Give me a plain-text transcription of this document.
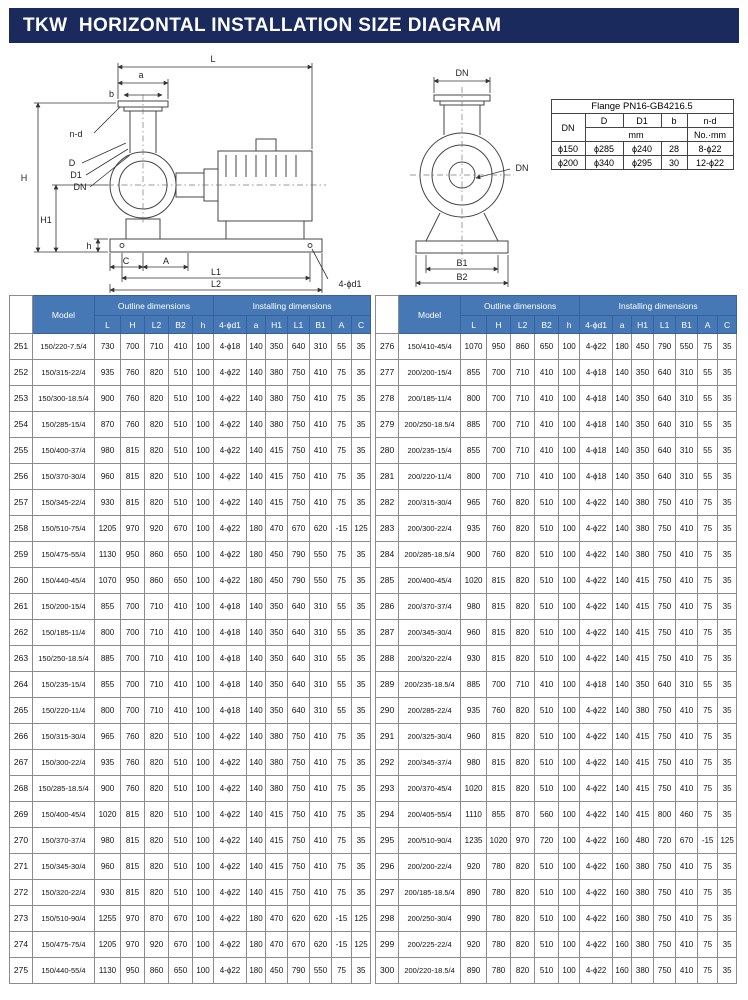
TKW  HORIZONTAL INSTALLATION SIZE DIAGRAM
L
a
b
n-d
H
D
D1
DN
H1
h
C	A
L1
L2	4-ϕd1
DN
DN
B1
B2
Flange PN16-GB4216.5				
DN	D	D1	b	n-d
	mm			No.·mm
ϕ150	ϕ285	ϕ240	28	8-ϕ22
ϕ200	ϕ340	ϕ295	30	12-ϕ22
	Model	Outline dimensions					Installing dimensions						
		L	H	L2	B2	h	4-ϕd1	a	H1	L1	B1	A	C
251	150/220-7.5/4	730	700	710	410	100	4-ϕ18	140	350	640	310	55	35
252	150/315-22/4	935	760	820	510	100	4-ϕ22	140	380	750	410	75	35
253	150/300-18.5/4	900	760	820	510	100	4-ϕ22	140	380	750	410	75	35
254	150/285-15/4	870	760	820	510	100	4-ϕ22	140	380	750	410	75	35
255	150/400-37/4	980	815	820	510	100	4-ϕ22	140	415	750	410	75	35
256	150/370-30/4	960	815	820	510	100	4-ϕ22	140	415	750	410	75	35
257	150/345-22/4	930	815	820	510	100	4-ϕ22	140	415	750	410	75	35
258	150/510-75/4	1205	970	920	670	100	4-ϕ22	180	470	670	620	-15	125
259	150/475-55/4	1130	950	860	650	100	4-ϕ22	180	450	790	550	75	35
260	150/440-45/4	1070	950	860	650	100	4-ϕ22	180	450	790	550	75	35
261	150/200-15/4	855	700	710	410	100	4-ϕ18	140	350	640	310	55	35
262	150/185-11/4	800	700	710	410	100	4-ϕ18	140	350	640	310	55	35
263	150/250-18.5/4	885	700	710	410	100	4-ϕ18	140	350	640	310	55	35
264	150/235-15/4	855	700	710	410	100	4-ϕ18	140	350	640	310	55	35
265	150/220-11/4	800	700	710	410	100	4-ϕ18	140	350	640	310	55	35
266	150/315-30/4	965	760	820	510	100	4-ϕ22	140	380	750	410	75	35
267	150/300-22/4	935	760	820	510	100	4-ϕ22	140	380	750	410	75	35
268	150/285-18.5/4	900	760	820	510	100	4-ϕ22	140	380	750	410	75	35
269	150/400-45/4	1020	815	820	510	100	4-ϕ22	140	415	750	410	75	35
270	150/370-37/4	980	815	820	510	100	4-ϕ22	140	415	750	410	75	35
271	150/345-30/4	960	815	820	510	100	4-ϕ22	140	415	750	410	75	35
272	150/320-22/4	930	815	820	510	100	4-ϕ22	140	415	750	410	75	35
273	150/510-90/4	1255	970	870	670	100	4-ϕ22	180	470	620	620	-15	125
274	150/475-75/4	1205	970	920	670	100	4-ϕ22	180	470	670	620	-15	125
275	150/440-55/4	1130	950	860	650	100	4-ϕ22	180	450	790	550	75	35
	Model	Outline dimensions					Installing dimensions						
		L	H	L2	B2	h	4-ϕd1	a	H1	L1	B1	A	C
276	150/410-45/4	1070	950	860	650	100	4-ϕ22	180	450	790	550	75	35
277	200/200-15/4	855	700	710	410	100	4-ϕ18	140	350	640	310	55	35
278	200/185-11/4	800	700	710	410	100	4-ϕ18	140	350	640	310	55	35
279	200/250-18.5/4	885	700	710	410	100	4-ϕ18	140	350	640	310	55	35
280	200/235-15/4	855	700	710	410	100	4-ϕ18	140	350	640	310	55	35
281	200/220-11/4	800	700	710	410	100	4-ϕ18	140	350	640	310	55	35
282	200/315-30/4	965	760	820	510	100	4-ϕ22	140	380	750	410	75	35
283	200/300-22/4	935	760	820	510	100	4-ϕ22	140	380	750	410	75	35
284	200/285-18.5/4	900	760	820	510	100	4-ϕ22	140	380	750	410	75	35
285	200/400-45/4	1020	815	820	510	100	4-ϕ22	140	415	750	410	75	35
286	200/370-37/4	980	815	820	510	100	4-ϕ22	140	415	750	410	75	35
287	200/345-30/4	960	815	820	510	100	4-ϕ22	140	415	750	410	75	35
288	200/320-22/4	930	815	820	510	100	4-ϕ22	140	415	750	410	75	35
289	200/235-18.5/4	885	700	710	410	100	4-ϕ18	140	350	640	310	55	35
290	200/285-22/4	935	760	820	510	100	4-ϕ22	140	380	750	410	75	35
291	200/325-30/4	960	815	820	510	100	4-ϕ22	140	415	750	410	75	35
292	200/345-37/4	980	815	820	510	100	4-ϕ22	140	415	750	410	75	35
293	200/370-45/4	1020	815	820	510	100	4-ϕ22	140	415	750	410	75	35
294	200/405-55/4	1110	855	870	560	100	4-ϕ22	140	415	800	460	75	35
295	200/510-90/4	1235	1020	970	720	100	4-ϕ22	160	480	720	670	-15	125
296	200/200-22/4	920	780	820	510	100	4-ϕ22	160	380	750	410	75	35
297	200/185-18.5/4	890	780	820	510	100	4-ϕ22	160	380	750	410	75	35
298	200/250-30/4	990	780	820	510	100	4-ϕ22	160	380	750	410	75	35
299	200/225-22/4	920	780	820	510	100	4-ϕ22	160	380	750	410	75	35
300	200/220-18.5/4	890	780	820	510	100	4-ϕ22	160	380	750	410	75	35
